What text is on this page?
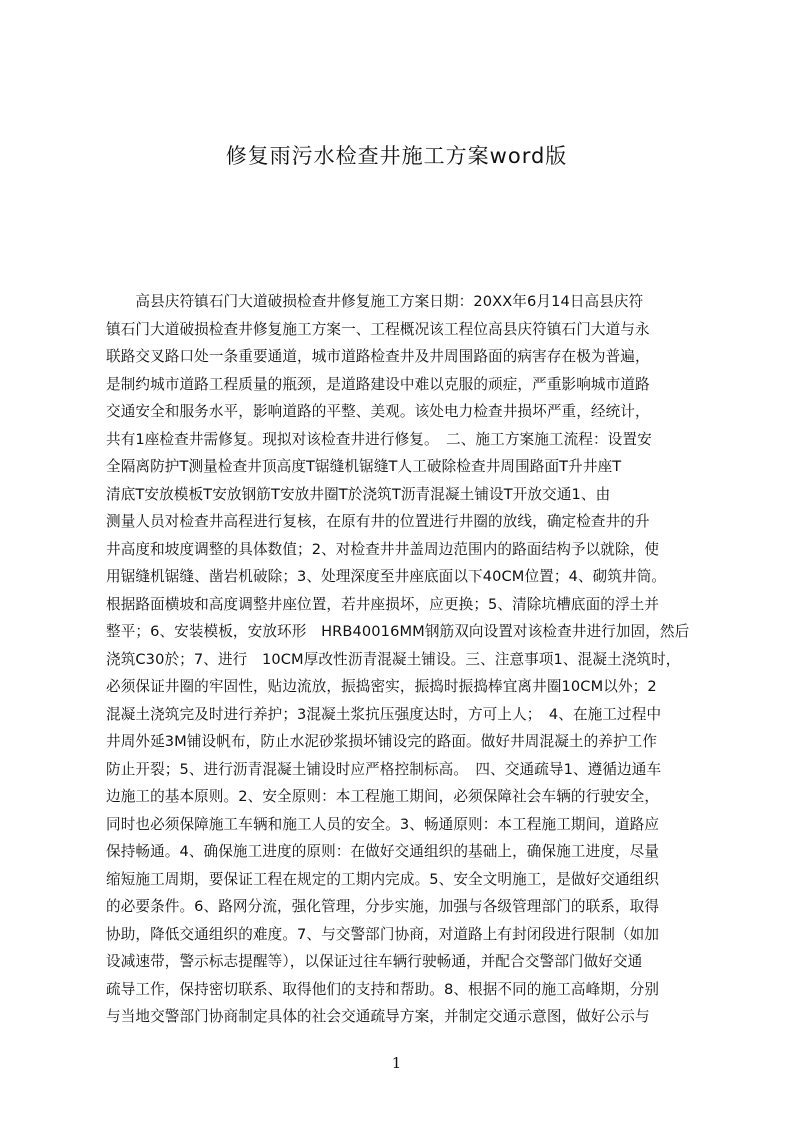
修复雨污水检查井施工方案word版
　　高县庆符镇石门大道破损检查井修复施工方案日期：20XX年6月14日高县庆符
镇石门大道破损检查井修复施工方案一、工程概况该工程位高县庆符镇石门大道与永
联路交叉路口处一条重要通道，城市道路检查井及井周围路面的病害存在极为普遍，
是制约城市道路工程质量的瓶颈，是道路建设中难以克服的顽症，严重影响城市道路
交通安全和服务水平，影响道路的平整、美观。该处电力检查井损坏严重，经统计，
共有1座检查井需修复。现拟对该检查井进行修复。　二、施工方案施工流程：设置安
全隔离防护T测量检查井顶高度T锯缝机锯缝T人工破除检查井周围路面T升井座T
清底T安放模板T安放钢筋T安放井圈T於浇筑T沥青混凝土铺设T开放交通1、由
测量人员对检查井高程进行复核，在原有井的位置进行井圈的放线，确定检查井的升
井高度和坡度调整的具体数值；2、对检查井井盖周边范围内的路面结构予以就除，使
用锯缝机锯缝、凿岩机破除；3、处理深度至井座底面以下40CM位置；4、砌筑井筒。
根据路面横坡和高度调整井座位置，若井座损坏，应更换；5、清除坑槽底面的浮土并
整平；6、安装模板，安放环形　HRB40016MM钢筋双向设置对该检查井进行加固，然后
浇筑C30於；7、进行　10CM厚改性沥青混凝土铺设。三、注意事项1、混凝土浇筑时，
必须保证井圈的牢固性，贴边流放，振捣密实，振捣时振捣棒宜离井圈10CM以外；2
混凝土浇筑完及时进行养护；3混凝土浆抗压强度达时，方可上人；　4、在施工过程中
井周外延3M铺设帆布，防止水泥砂浆损坏铺设完的路面。做好井周混凝土的养护工作
防止开裂；5、进行沥青混凝土铺设时应严格控制标高。　四、交通疏导1、遵循边通车
边施工的基本原则。2、安全原则：本工程施工期间，必须保障社会车辆的行驶安全，
同时也必须保障施工车辆和施工人员的安全。3、畅通原则：本工程施工期间，道路应
保持畅通。4、确保施工进度的原则：在做好交通组织的基础上，确保施工进度，尽量
缩短施工周期，要保证工程在规定的工期内完成。5、安全文明施工，是做好交通组织
的必要条件。6、路网分流，强化管理，分步实施，加强与各级管理部门的联系，取得
协助，降低交通组织的难度。7、与交警部门协商，对道路上有封闭段进行限制（如加
设减速带，警示标志提醒等），以保证过往车辆行驶畅通，并配合交警部门做好交通
疏导工作，保持密切联系、取得他们的支持和帮助。8、根据不同的施工高峰期，分别
与当地交警部门协商制定具体的社会交通疏导方案，并制定交通示意图，做好公示与
1
